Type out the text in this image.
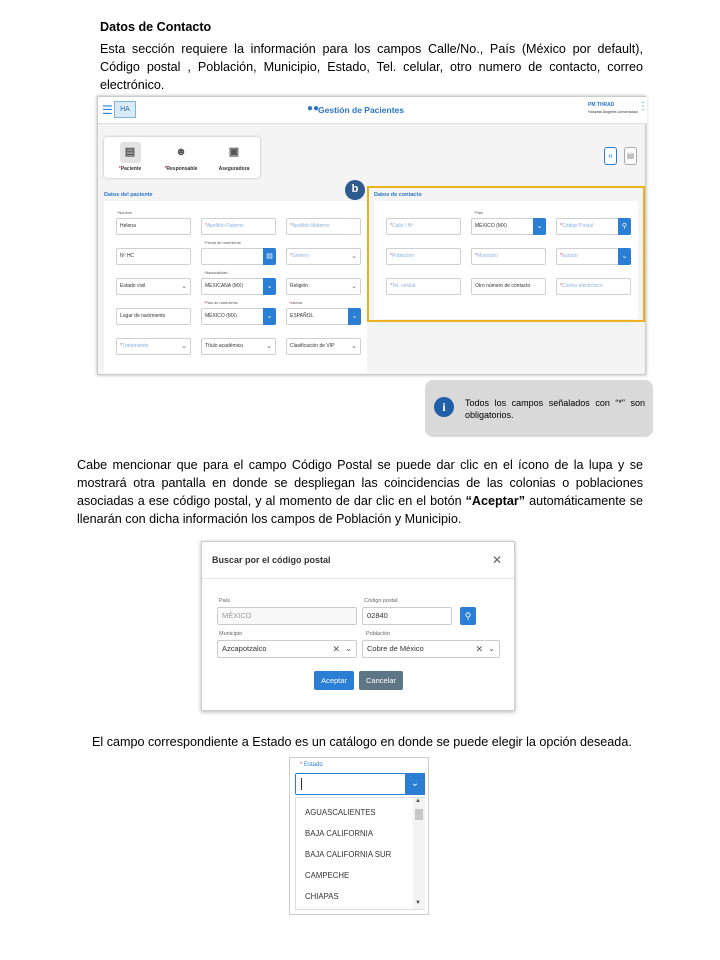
Datos de Contacto
Esta sección requiere la información para los campos Calle/No., País (México por default), Código postal , Población, Municipio, Estado, Tel. celular, otro numero de contacto, correo electrónico.
☰	HA	●●
Gestión de Pacientes	PM THRAD
Hospital Ángeles Universidad ⋮
▤
*Paciente
☻
*Responsable
▣
Aseguradora
«	▤
Datos del paciente
*Nombre
Helena	*Apellido Paterno	*Apellido Materno
*Fecha de nacimiento
Nº HC	▤	*Género	⌄
*Nacionalidad
Estado civil	⌄	MEXICANA (MX)	⌄	Religión	⌄
*País de nacimiento	*Idioma
Lugar de nacimiento	MÉXICO (MX)	⌄	ESPAÑOL	⌄
*Tratamiento	⌄	Título académico	⌄	Clasificación de VIP ⌄
Datos de contacto
*País
*Calle / Nº	MÉXICO (MX)	⌄	*Código Postal	⚲
*Población	*Municipio	*Estado	⌄
*Tel. celular	Otro número de contacto	*Correo electrónico
b
i	Todos los campos señalados con “*” son obligatorios.
Cabe mencionar que para el campo Código Postal se puede dar clic en el ícono de la lupa y se mostrará otra pantalla en donde se despliegan las coincidencias de las colonias o poblaciones asociadas a ese código postal, y al momento de dar clic en el botón “Aceptar” automáticamente se llenarán con dicha información los campos de Población y Municipio.
Buscar por el código postal	✕
País
MÉXICO
Código postal
02840	⚲
Municipio
Azcapotzalco	✕ ⌄
Población
Cobre de México	✕ ⌄
Aceptar	Cancelar
El campo correspondiente a Estado es un catálogo en donde se puede elegir la opción deseada.
* Estado
⌄
AGUASCALIENTES
BAJA CALIFORNIA
BAJA CALIFORNIA SUR
CAMPECHE
CHIAPAS
▲
▼
